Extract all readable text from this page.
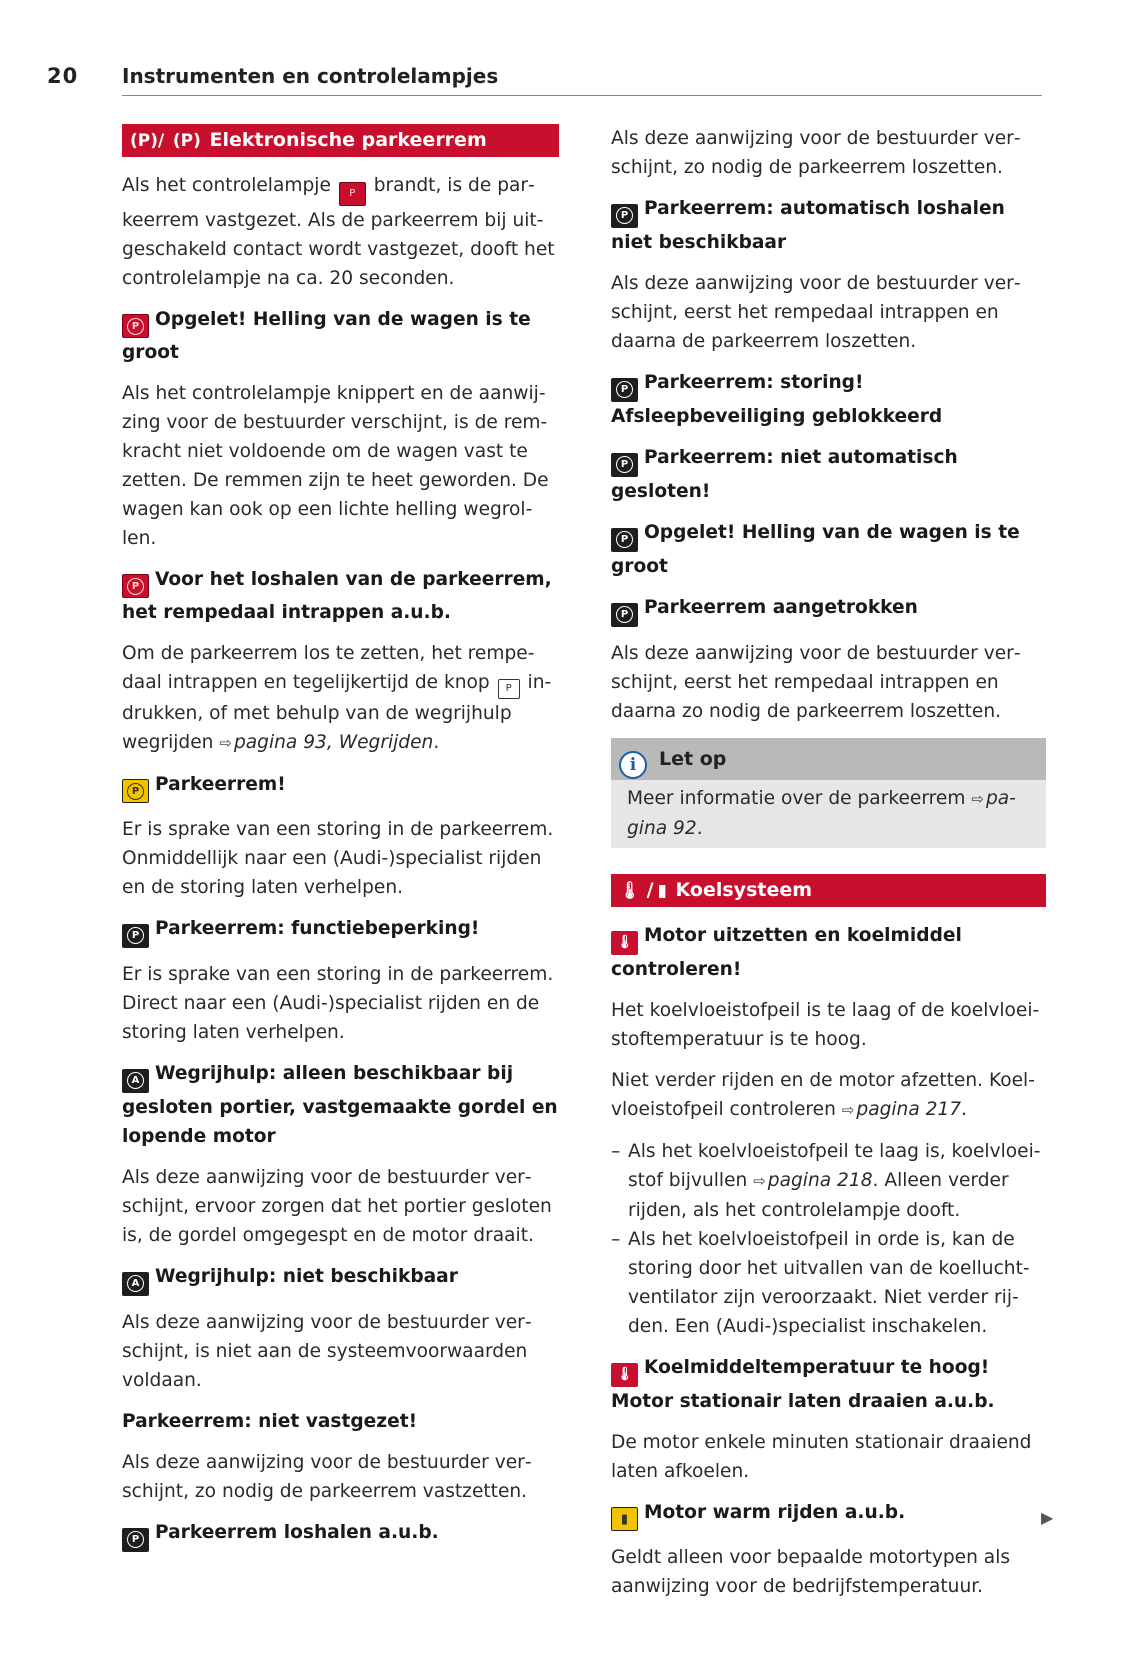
20 Instrumenten en controlelampjes
(P)/ (P) Elektronische parkeerrem

Als het controlelampje P brandt, is de parkeerrem vastgezet. Als de parkeerrem bij uitgeschakeld contact wordt vastgezet, dooft het controlelampje na ca. 20 seconden.

P Opgelet! Helling van de wagen is te groot

Als het controlelampje knippert en de aanwijzing voor de bestuurder verschijnt, is de remkracht niet voldoende om de wagen vast te zetten. De remmen zijn te heet geworden. De wagen kan ook op een lichte helling wegrollen.

P Voor het loshalen van de parkeerrem, het rempedaal intrappen a.u.b.

Om de parkeerrem los te zetten, het rempedaal intrappen en tegelijkertijd de knop P indrukken, of met behulp van de wegrijhulp wegrijden ⇨ pagina 93, Wegrijden.

P Parkeerrem!

Er is sprake van een storing in de parkeerrem. Onmiddellijk naar een (Audi-)specialist rijden en de storing laten verhelpen.

P Parkeerrem: functiebeperking!

Er is sprake van een storing in de parkeerrem. Direct naar een (Audi-)specialist rijden en de storing laten verhelpen.

A Wegrijhulp: alleen beschikbaar bij gesloten portier, vastgemaakte gordel en lopende motor

Als deze aanwijzing voor de bestuurder verschijnt, ervoor zorgen dat het portier gesloten is, de gordel omgegespt en de motor draait.

A Wegrijhulp: niet beschikbaar

Als deze aanwijzing voor de bestuurder verschijnt, is niet aan de systeemvoorwaarden voldaan.

Parkeerrem: niet vastgezet!

Als deze aanwijzing voor de bestuurder verschijnt, zo nodig de parkeerrem vastzetten.

P Parkeerrem loshalen a.u.b.

Als deze aanwijzing voor de bestuurder verschijnt, zo nodig de parkeerrem loszetten.

P Parkeerrem: automatisch loshalen niet beschikbaar

Als deze aanwijzing voor de bestuurder verschijnt, eerst het rempedaal intrappen en daarna de parkeerrem loszetten.

P Parkeerrem: storing! Afsleepbeveiliging geblokkeerd
P Parkeerrem: niet automatisch gesloten!
P Opgelet! Helling van de wagen is te groot
P Parkeerrem aangetrokken

Als deze aanwijzing voor de bestuurder verschijnt, eerst het rempedaal intrappen en daarna zo nodig de parkeerrem loszetten.

i Let op
Meer informatie over de parkeerrem ⇨ pagina 92.
🌡 / ▮ Koelsysteem
🌡 Motor uitzetten en koelmiddel controleren!

Het koelvloeistofpeil is te laag of de koelvloeistoftemperatuur is te hoog.

Niet verder rijden en de motor afzetten. Koelvloeistofpeil controleren ⇨ pagina 217.

– Als het koelvloeistofpeil te laag is, koelvloeistof bijvullen ⇨ pagina 218. Alleen verder rijden, als het controlelampje dooft.
– Als het koelvloeistofpeil in orde is, kan de storing door het uitvallen van de koelluchtventilator zijn veroorzaakt. Niet verder rijden. Een (Audi-)specialist inschakelen.
🌡 Koelmiddeltemperatuur te hoog! Motor stationair laten draaien a.u.b.

De motor enkele minuten stationair draaiend laten afkoelen.

▮ Motor warm rijden a.u.b.

Geldt alleen voor bepaalde motortypen als aanwijzing voor de bedrijfstemperatuur.

▶
